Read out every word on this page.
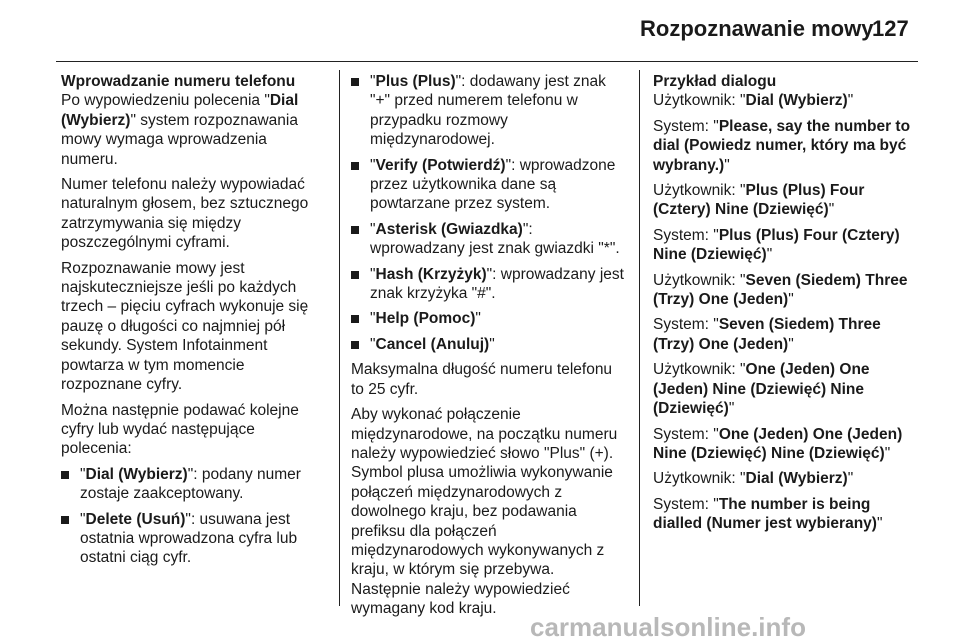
Rozpoznawanie mowy
127
Wprowadzanie numeru telefonu

Po wypowiedzeniu polecenia "Dial (Wybierz)" system rozpoznawania mowy wymaga wprowadzenia numeru.

Numer telefonu należy wypowiadać naturalnym głosem, bez sztucznego zatrzymywania się między poszczególnymi cyframi.

Rozpoznawanie mowy jest najskuteczniejsze jeśli po każdych trzech – pięciu cyfrach wykonuje się pauzę o długości co najmniej pół sekundy. System Infotainment powtarza w tym momencie rozpoznane cyfry.

Można następnie podawać kolejne cyfry lub wydać następujące polecenia:

"Dial (Wybierz)": podany numer zostaje zaakceptowany.
"Delete (Usuń)": usuwana jest ostatnia wprowadzona cyfra lub ostatni ciąg cyfr.
"Plus (Plus)": dodawany jest znak "+" przed numerem telefonu w przypadku rozmowy międzynarodowej.
"Verify (Potwierdź)": wprowadzone przez użytkownika dane są powtarzane przez system.
"Asterisk (Gwiazdka)": wprowadzany jest znak gwiazdki "*".
"Hash (Krzyżyk)": wprowadzany jest znak krzyżyka "#".
"Help (Pomoc)"
"Cancel (Anuluj)"

Maksymalna długość numeru telefonu to 25 cyfr.

Aby wykonać połączenie międzynarodowe, na początku numeru należy wypowiedzieć słowo "Plus" (+). Symbol plusa umożliwia wykonywanie połączeń międzynarodowych z dowolnego kraju, bez podawania prefiksu dla połączeń międzynarodowych wykonywanych z kraju, w którym się przebywa. Następnie należy wypowiedzieć wymagany kod kraju.

Przykład dialogu
Użytkownik: "Dial (Wybierz)"
System: "Please, say the number to dial (Powiedz numer, który ma być wybrany.)"
Użytkownik: "Plus (Plus) Four (Cztery) Nine (Dziewięć)"
System: "Plus (Plus) Four (Cztery) Nine (Dziewięć)"
Użytkownik: "Seven (Siedem) Three (Trzy) One (Jeden)"
System: "Seven (Siedem) Three (Trzy) One (Jeden)"
Użytkownik: "One (Jeden) One (Jeden) Nine (Dziewięć) Nine (Dziewięć)"
System: "One (Jeden) One (Jeden) Nine (Dziewięć) Nine (Dziewięć)"
Użytkownik: "Dial (Wybierz)"
System: "The number is being dialled (Numer jest wybierany)"
carmanualsonline.info
